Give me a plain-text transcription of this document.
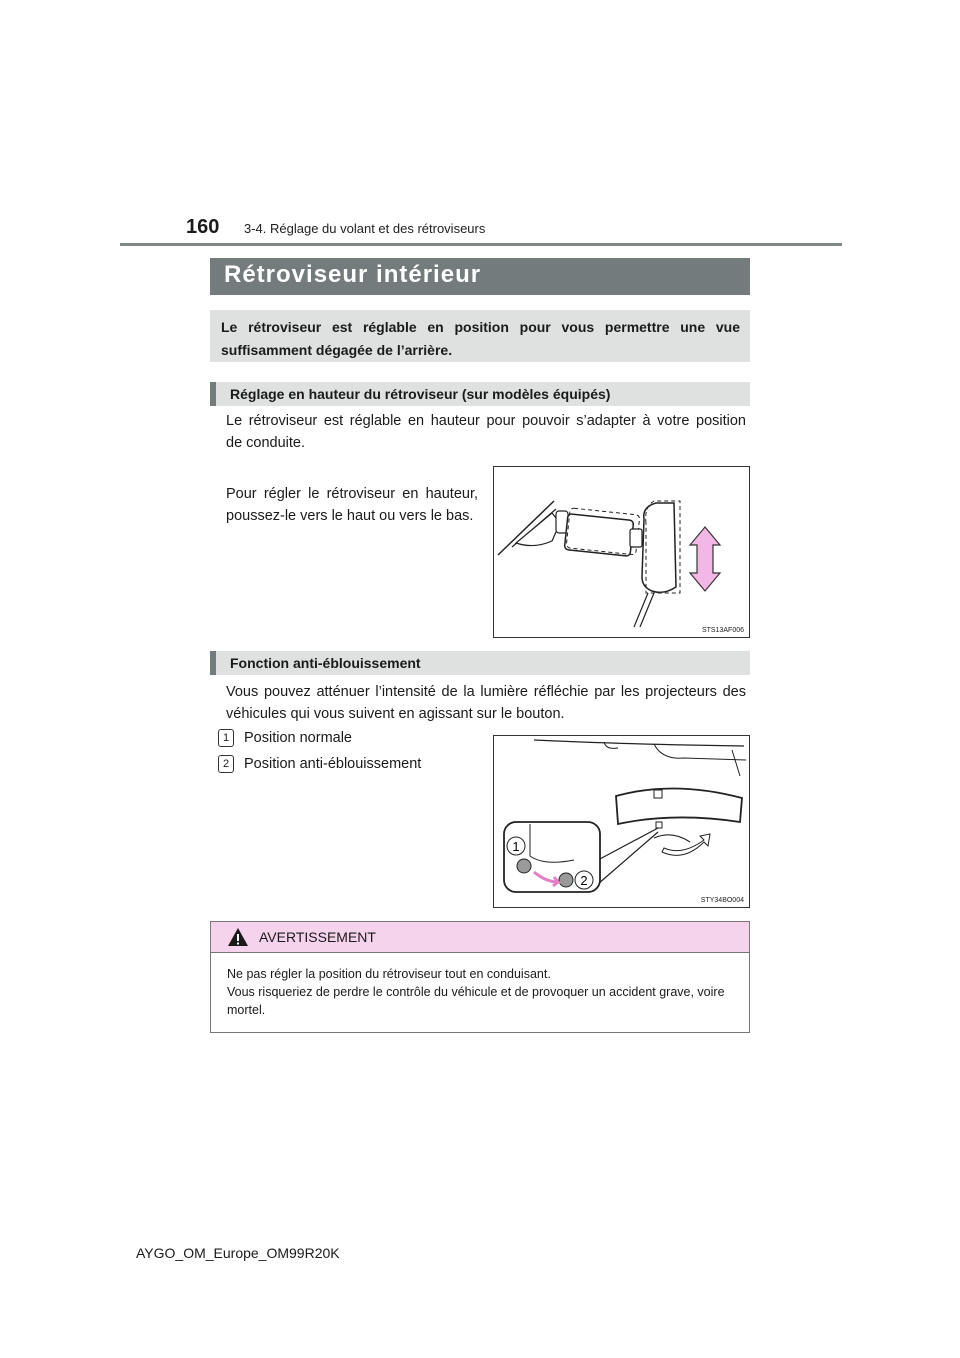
160 3-4. Réglage du volant et des rétroviseurs
Rétroviseur intérieur
Le rétroviseur est réglable en position pour vous permettre une vue suffisamment dégagée de l’arrière.
Réglage en hauteur du rétroviseur (sur modèles équipés)
Le rétroviseur est réglable en hauteur pour pouvoir s’adapter à votre position
de conduite.
Pour régler le rétroviseur en hauteur, poussez-le vers le haut ou vers le bas.
STS13AF006
Fonction anti-éblouissement
Vous pouvez atténuer l’intensité de la lumière réfléchie par les projecteurs des véhicules qui vous suivent en agissant sur le bouton.
1	Position normale
2	Position anti-éblouissement
1
2
STY34BO004
AVERTISSEMENT
Ne pas régler la position du rétroviseur tout en conduisant.
Vous risqueriez de perdre le contrôle du véhicule et de provoquer un accident grave, voire mortel.
AYGO_OM_Europe_OM99R20K
